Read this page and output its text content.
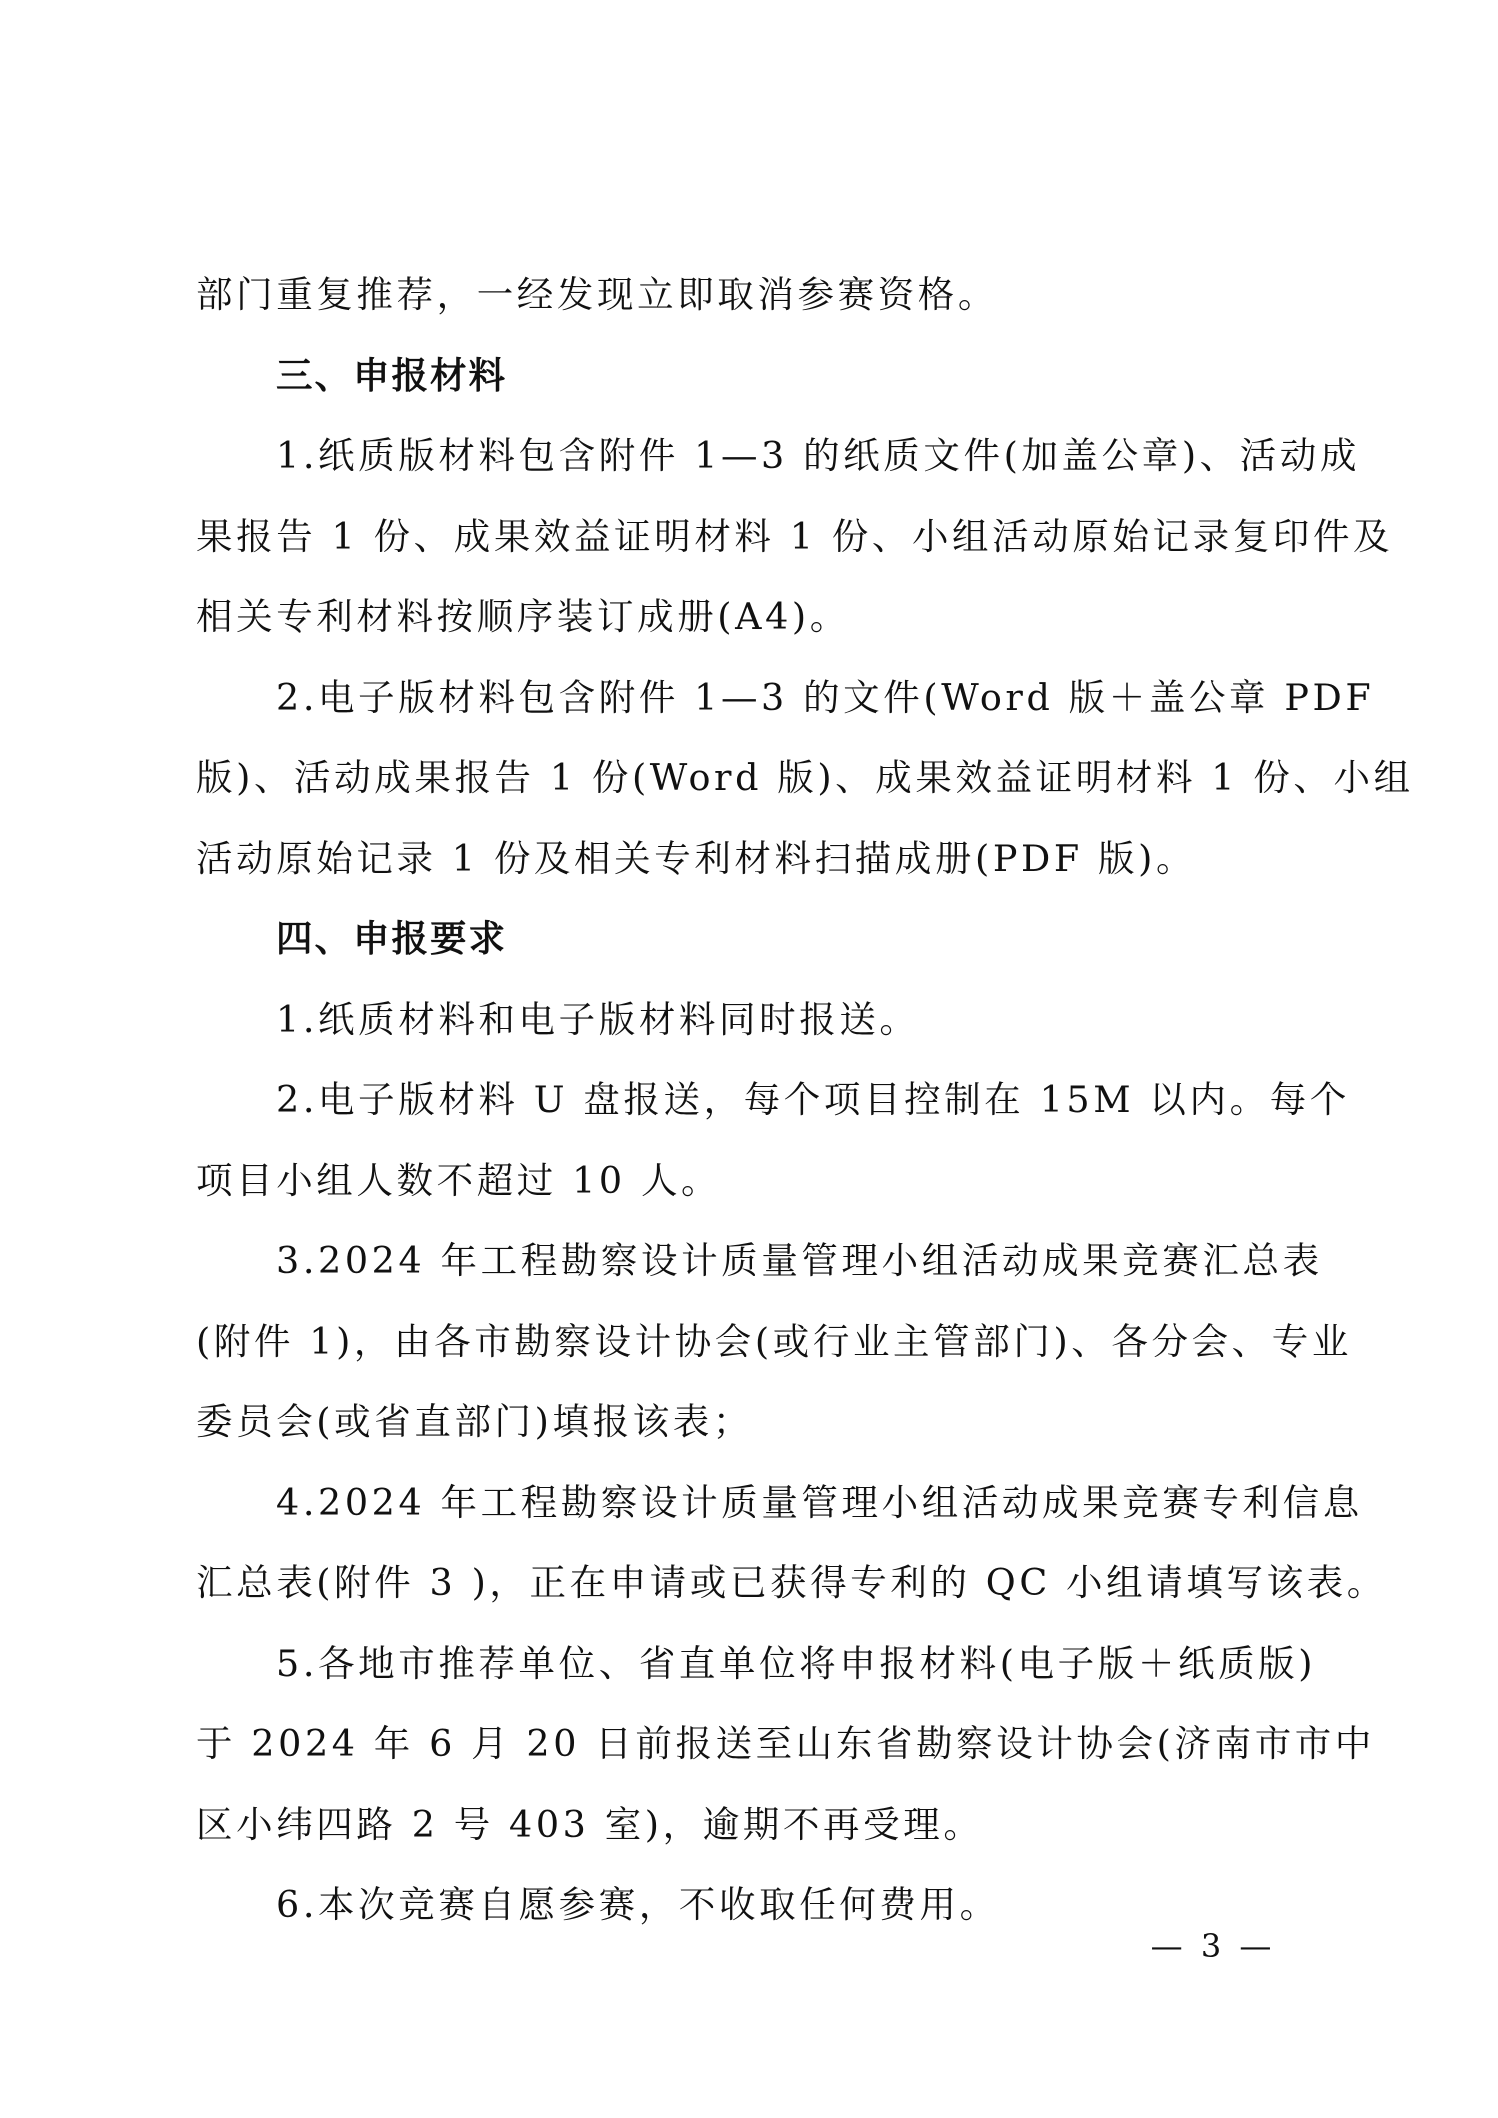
部门重复推荐，一经发现立即取消参赛资格。
三、申报材料
1.纸质版材料包含附件 1—3 的纸质文件(加盖公章)、活动成
果报告 1 份、成果效益证明材料 1 份、小组活动原始记录复印件及
相关专利材料按顺序装订成册(A4)。
2.电子版材料包含附件 1—3 的文件(Word 版＋盖公章 PDF
版)、活动成果报告 1 份(Word 版)、成果效益证明材料 1 份、小组
活动原始记录 1 份及相关专利材料扫描成册(PDF 版)。
四、申报要求
1.纸质材料和电子版材料同时报送。
2.电子版材料 U 盘报送，每个项目控制在 15M 以内。每个
项目小组人数不超过 10 人。
3.2024 年工程勘察设计质量管理小组活动成果竞赛汇总表
(附件 1)，由各市勘察设计协会(或行业主管部门)、各分会、专业
委员会(或省直部门)填报该表；
4.2024 年工程勘察设计质量管理小组活动成果竞赛专利信息
汇总表(附件 3 )，正在申请或已获得专利的 QC 小组请填写该表。
5.各地市推荐单位、省直单位将申报材料(电子版＋纸质版)
于 2024 年 6 月 20 日前报送至山东省勘察设计协会(济南市市中
区小纬四路 2 号 403 室)，逾期不再受理。
6.本次竞赛自愿参赛，不收取任何费用。
— 3 —
